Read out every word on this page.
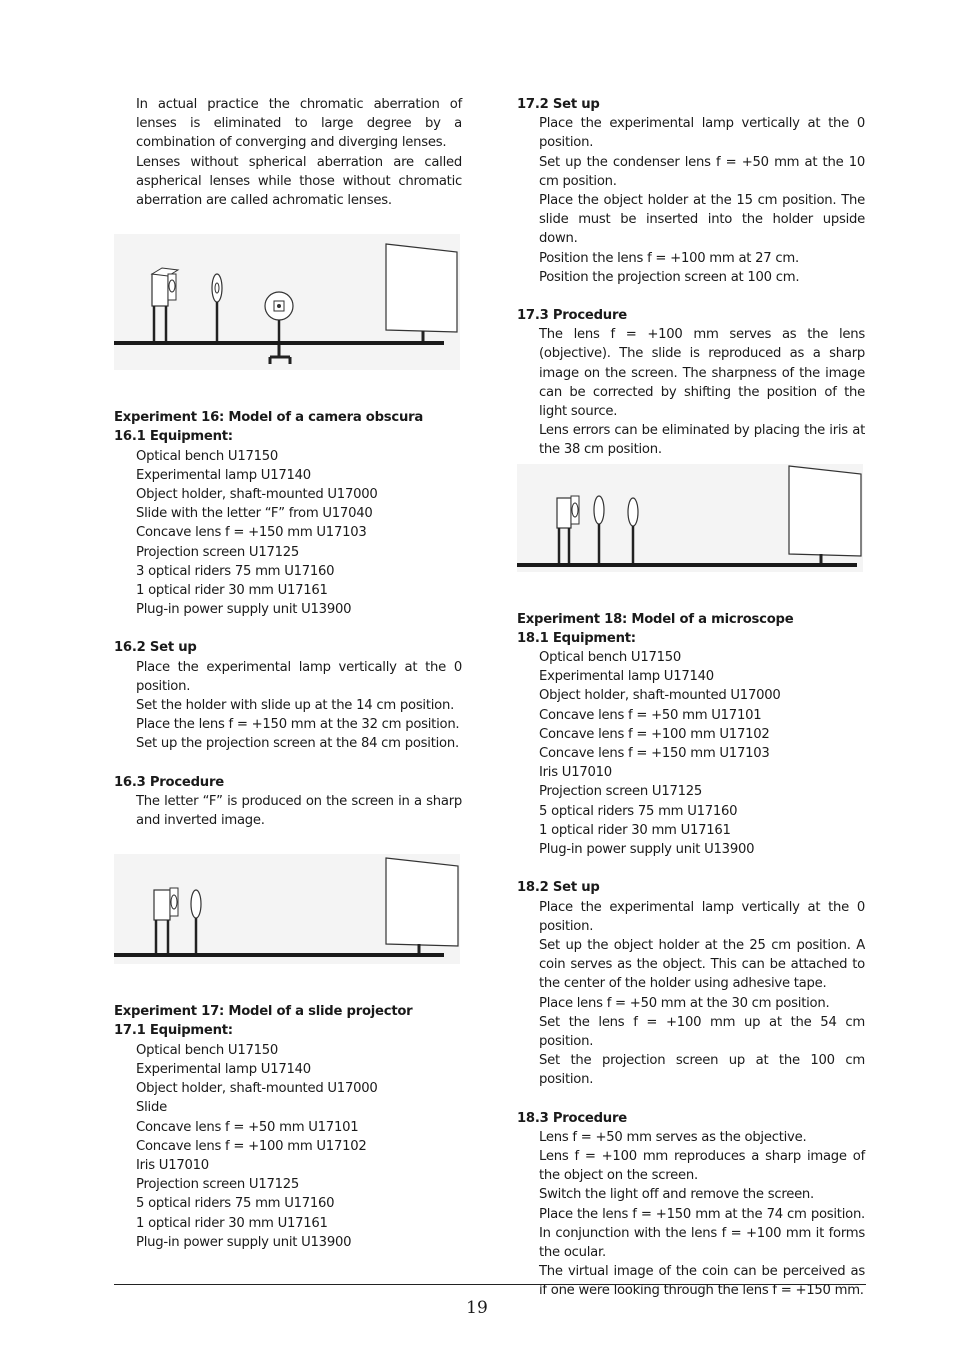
In actual practice the chromatic aberration of lenses is eliminated to large degree by a combination of converging and diverging lenses.
Lenses without spherical aberration are called aspherical lenses while those without chromatic aberration are called achromatic lenses.
Experiment 16: Model of a camera obscura
16.1 Equipment:
Optical bench U17150
Experimental lamp U17140
Object holder, shaft-mounted U17000
Slide with the letter “F” from U17040
Concave lens f = +150 mm U17103
Projection screen U17125
3 optical riders 75 mm U17160
1 optical rider 30 mm U17161
Plug-in power supply unit U13900
16.2 Set up
Place the experimental lamp vertically at the 0 position.
Set the holder with slide up at the 14 cm position.
Place the lens f = +150 mm at the 32 cm position.
Set up the projection screen at the 84 cm position.
16.3 Procedure
The letter “F” is produced on the screen in a sharp and inverted image.
Experiment 17: Model of a slide projector
17.1 Equipment:
Optical bench U17150
Experimental lamp U17140
Object holder, shaft-mounted U17000
Slide
Concave lens f = +50 mm U17101
Concave lens f = +100 mm U17102
Iris U17010
Projection screen U17125
5 optical riders 75 mm U17160
1 optical rider 30 mm U17161
Plug-in power supply unit U13900
17.2 Set up
Place the experimental lamp vertically at the 0 position.
Set up the condenser lens f = +50 mm at the 10 cm position.
Place the object holder at the 15 cm position. The slide must be inserted into the holder upside down.
Position the lens f = +100 mm at 27 cm.
Position the projection screen at 100 cm.
17.3 Procedure
The lens f = +100 mm serves as the lens (objective). The slide is reproduced as a sharp image on the screen. The sharpness of the image can be corrected by shifting the position of the light source.
Lens errors can be eliminated by placing the iris at the 38 cm position.
Experiment 18: Model of a microscope
18.1 Equipment:
Optical bench U17150
Experimental lamp U17140
Object holder, shaft-mounted U17000
Concave lens f = +50 mm U17101
Concave lens f = +100 mm U17102
Concave lens f = +150 mm U17103
Iris U17010
Projection screen U17125
5 optical riders 75 mm U17160
1 optical rider 30 mm U17161
Plug-in power supply unit U13900
18.2 Set up
Place the experimental lamp vertically at the 0 position.
Set up the object holder at the 25 cm position. A coin serves as the object. This can be attached to the center of the holder using adhesive tape.
Place lens f = +50 mm at the 30 cm position.
Set the lens f = +100 mm up at the 54 cm position.
Set the projection screen up at the 100 cm position.
18.3 Procedure
Lens f = +50 mm serves as the objective.
Lens f = +100 mm reproduces a sharp image of the object on the screen.
Switch the light off and remove the screen.
Place the lens f = +150 mm at the 74 cm position. In conjunction with the lens f = +100 mm it forms the ocular.
The virtual image of the coin can be perceived as if one were looking through the lens f = +150 mm.
19
